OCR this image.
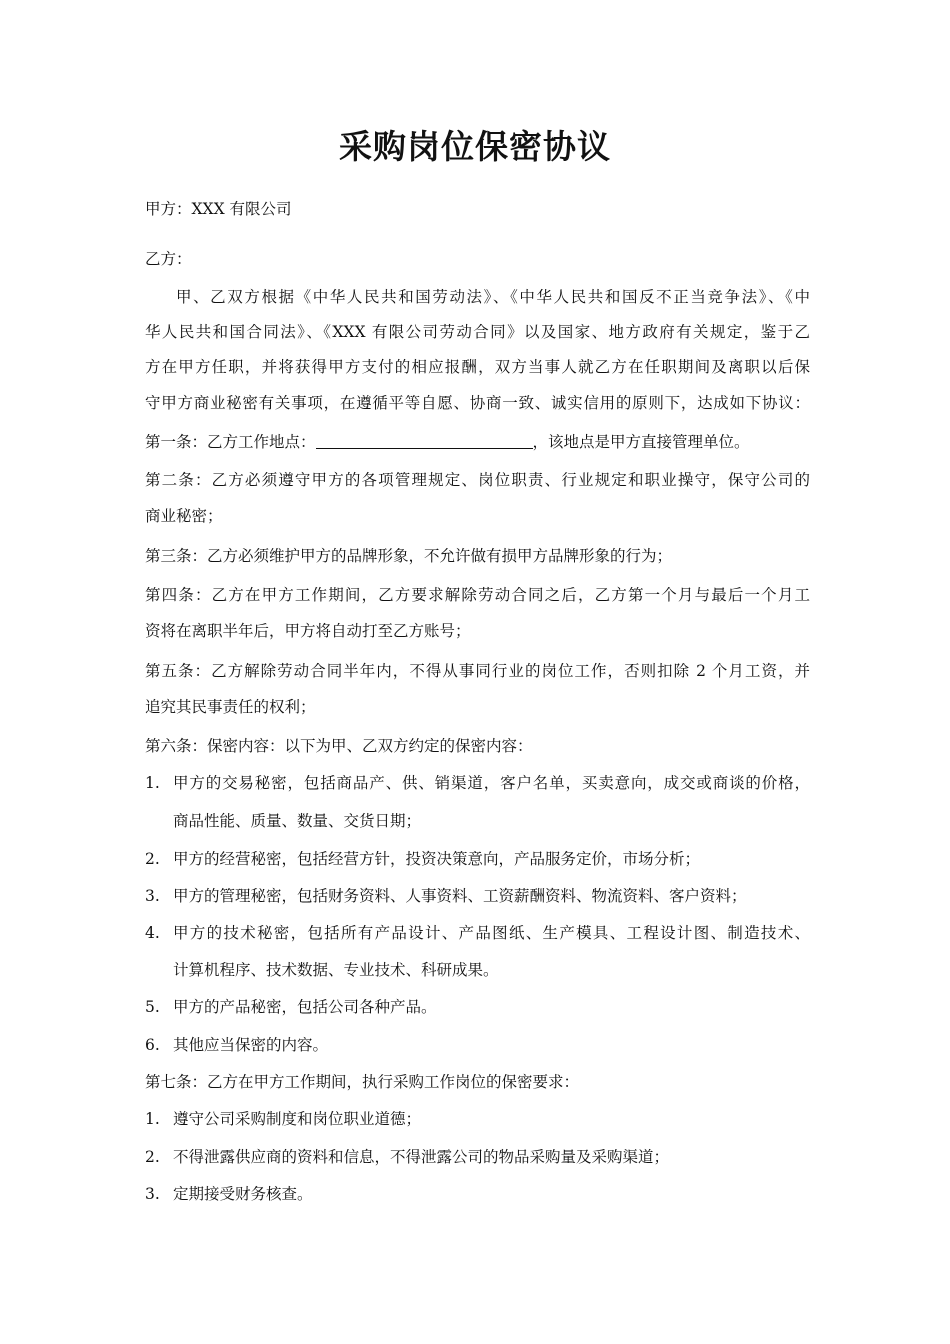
采购岗位保密协议

甲方：XXX 有限公司

乙方：

甲、乙双方根据《中华人民共和国劳动法》、《中华人民共和国反不正当竞争法》、《中

华人民共和国合同法》、《XXX 有限公司劳动合同》以及国家、地方政府有关规定，鉴于乙

方在甲方任职，并将获得甲方支付的相应报酬，双方当事人就乙方在任职期间及离职以后保

守甲方商业秘密有关事项，在遵循平等自愿、协商一致、诚实信用的原则下，达成如下协议：

第一条：乙方工作地点：	，该地点是甲方直接管理单位。

第二条：乙方必须遵守甲方的各项管理规定、岗位职责、行业规定和职业操守，保守公司的

商业秘密；

第三条：乙方必须维护甲方的品牌形象，不允许做有损甲方品牌形象的行为；

第四条：乙方在甲方工作期间，乙方要求解除劳动合同之后，乙方第一个月与最后一个月工

资将在离职半年后，甲方将自动打至乙方账号；

第五条：乙方解除劳动合同半年内，不得从事同行业的岗位工作，否则扣除 2 个月工资，并

追究其民事责任的权利；

第六条：保密内容：以下为甲、乙双方约定的保密内容：

1. 甲方的交易秘密，包括商品产、供、销渠道，客户名单，买卖意向，成交或商谈的价格，
商品性能、质量、数量、交货日期；
2. 甲方的经营秘密，包括经营方针，投资决策意向，产品服务定价，市场分析；
3. 甲方的管理秘密，包括财务资料、人事资料、工资薪酬资料、物流资料、客户资料；
4. 甲方的技术秘密，包括所有产品设计、产品图纸、生产模具、工程设计图、制造技术、
计算机程序、技术数据、专业技术、科研成果。
5. 甲方的产品秘密，包括公司各种产品。
6. 其他应当保密的内容。

第七条：乙方在甲方工作期间，执行采购工作岗位的保密要求：

1. 遵守公司采购制度和岗位职业道德；
2. 不得泄露供应商的资料和信息，不得泄露公司的物品采购量及采购渠道；
3. 定期接受财务核查。
